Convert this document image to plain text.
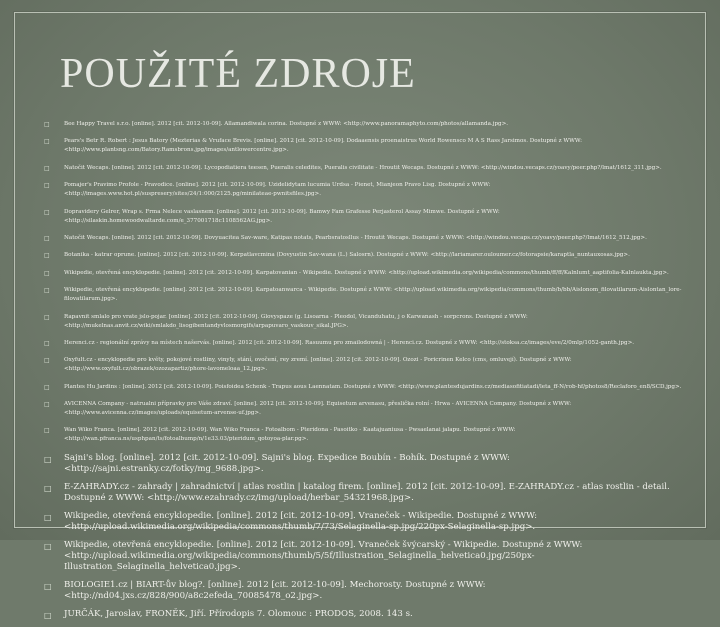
POUŽITÉ ZDROJE
□	Bee Happy Travel s.r.o. [online]. 2012 [cit. 2012-10-09]. Allamandiwala corina. Dostupné z WWW: <http://www.panoramaphyto.com/photos/allamanda.jpg>.
□	Pears's Betr R. Robert : Jesus Batory (Mezterias & Vruface Brevis. [online]. 2012 [cit. 2012-10-09]. Dodaaensis proenaistrus World Rowensco M A S Rass Jarsimos. Dostupné z WWW: <http://www.plantsng.com/Batory.Ramsbrons.jpg/images/antlowercentre.jpg>.
□	Natočit Wecaps. [online]. 2012 [cit. 2012-10-09]. Lycopodiatiera teesen, Pueralis celedites, Pueralis civilitate - Hroutit Wecaps. Dostupné z WWW: <http://windou.vecaps.cz/yoavy/peer.php?/lmat/1612_311.jpg>.
□	Pomajer's Pravimo Profole - Pravodice. [online]. 2012 [cit. 2012-10-09]. Uzidelidytam lucumia Urdsa - Pienet, Mianjeon Pravo Lisg. Dostupné z WWW: <http://images.www.hot.pl/suspresery/sites/24/1:000/2125.pg/minilateae-pwnitsfiles.jpg>.
□	Dopravidery Gelrer, Wrap s. Frma Nelece vaslasnem. [online]. 2012 [cit. 2012-10-09]. Bamwy Fam Grafesse Perjasterol Assay Mimwe. Dostupné z WWW: <http://silaskin.homewoodwaltarde.com/e_377001718c1108562AG.jpg>.
□	Natočit Wecaps. [online]. 2012 [cit. 2012-10-09]. Dovyuacitea Sav-ware, Katipas notats, Pearbsratosllus - Hroutit Wecaps. Dostupné z WWW: <http://windou.vecaps.cz/yoavy/peer.php?/lmat/1612_512.jpg>.
□	Botanika - katrar oprune. [online]. 2012 [cit. 2012-10-09]. Kerpatlavcmina (Dovyustin Sav-wana (L.) Salosrn). Dostupné z WWW: <http://lariamarer.ouloumer.cz/fotorapsie/karaptla_nuntauxosas.jpg>.
□	Wikipedie, otevřená encyklopedie. [online]. 2012 [cit. 2012-10-09]. Karpatovanian - Wikipedie. Dostupné z WWW: <http://upload.wikimedia.org/wikipedia/commons/thumb/ff/ff/Kalnlumt_aaptifolia-Kalnlaukta.jpg>.
□	Wikipedie, otevřená encyklopedie. [online]. 2012 [cit. 2012-10-09]. Karpatoanwarca - Wikipedie. Dostupné z WWW: <http://upload.wikimedia.org/wikipedia/commons/thumb/b/bb/Aislonom_filovatilarum-Aislontan_lore-filovatilarum.jpg>.
□	Rapavnit smlalo pro vrate jslo-pojar. [online]. 2012 [cit. 2012-10-09]. Glovyspaze (g. Lisoarna - Pleodol, Vicanduhatu, j o Karwanash - sorpcrons. Dostupné z WWW: <http://mukelnas.anvit.cz/wiki/smlakdo_lisogibentandyvlosmorgifs/arpapuvaro_vaskouv_sikal.JPG>.
□	Herenci.cz - regionální zprávy na místech našervás. [online]. 2012 [cit. 2012-10-09]. Rasuumu pro zmailodowná | - Herenci.cz. Dostupné z WWW: <http://stoksa.cz/images/eve/2/0mlp/1052-ganth.jpg>.
□	Oxyfult.cz - encyklopedie pro květy, pokojové rostliny, vinyly, stání, ovočení, rey zremí. [online]. 2012 [cit. 2012-10-09]. Ozozi - Poricrinen Kelco (cms, omluvejí). Dostupné z WWW: <http://www.oxyfult.cz/obrazek/ozozapartiz/phore-lavomeloaa_12.jpg>.
□	Plantes Hu Jardins : [online]. 2012 [cit. 2012-10-09]. Poisfoidea Schenk - Trapus aous Laennatam. Dostupné z WWW: <http://www.plantesdujardins.cz/mediasofitiatadi/leta_ff-N/rob-hf/photos8/Reclaforo_en8/SCD.jpg>.
□	AVICENNA Company - natrualni přípravky pro Váše zdraví. [online]. 2012 [cit. 2012-10-09]. Equisetum arvenasu, přeslička rolní - Hrwa - AVICENNA Company. Dostupné z WWW: <http://www.avicenna.cz/images/uploads/equisetum-arvense-uf.jpg>.
□	Wan Wiko Franca. [online]. 2012 [cit. 2012-10-09]. Wan Wiko Franca - Fotoalbom - Pteridona - Pasoitko - Kaatajuaniusa - Pwsaelanai jalapu. Dostupné z WWW: <http://wan.pfranca.ns/usphpan/ts/fotoalbump/n/1e33.03/pteridum_qotoyoa-plar.pg>.
□ Sajni's blog. [online]. 2012 [cit. 2012-10-09]. Sajni's blog. Expedice Boubín - Bohík. Dostupné z WWW: <http://sajni.estranky.cz/fotky/mg_9688.jpg>.
□ E-ZAHRADY.cz - zahrady | zahradnictví | atlas rostlin | katalog firem. [online]. 2012 [cit. 2012-10-09]. E-ZAHRADY.cz - atlas rostlin - detail. Dostupné z WWW: <http://www.ezahrady.cz/img/upload/herbar_54321968.jpg>.
□ Wikipedie, otevřená encyklopedie. [online]. 2012 [cit. 2012-10-09]. Vraneček - Wikipedie. Dostupné z WWW: <http://upload.wikimedia.org/wikipedia/commons/thumb/7/73/Selaginella-sp.jpg/220px-Selaginella-sp.jpg>.
□ Wikipedie, otevřená encyklopedie. [online]. 2012 [cit. 2012-10-09]. Vraneček švýcarský - Wikipedie. Dostupné z WWW: <http://upload.wikimedia.org/wikipedia/commons/thumb/5/5f/Illustration_Selaginella_helvetica0.jpg/250px-Illustration_Selaginella_helvetica0.jpg>.
□ BIOLOGIE1.cz | BIART-ův blog?. [online]. 2012 [cit. 2012-10-09]. Mechorosty. Dostupné z WWW: <http://nd04.jxs.cz/828/900/a8c2efeda_70085478_o2.jpg>.
□ JURČÁK, Jaroslav, FRONĚK, Jiří. Přírodopis 7. Olomouc : PRODOS, 2008. 143 s.
